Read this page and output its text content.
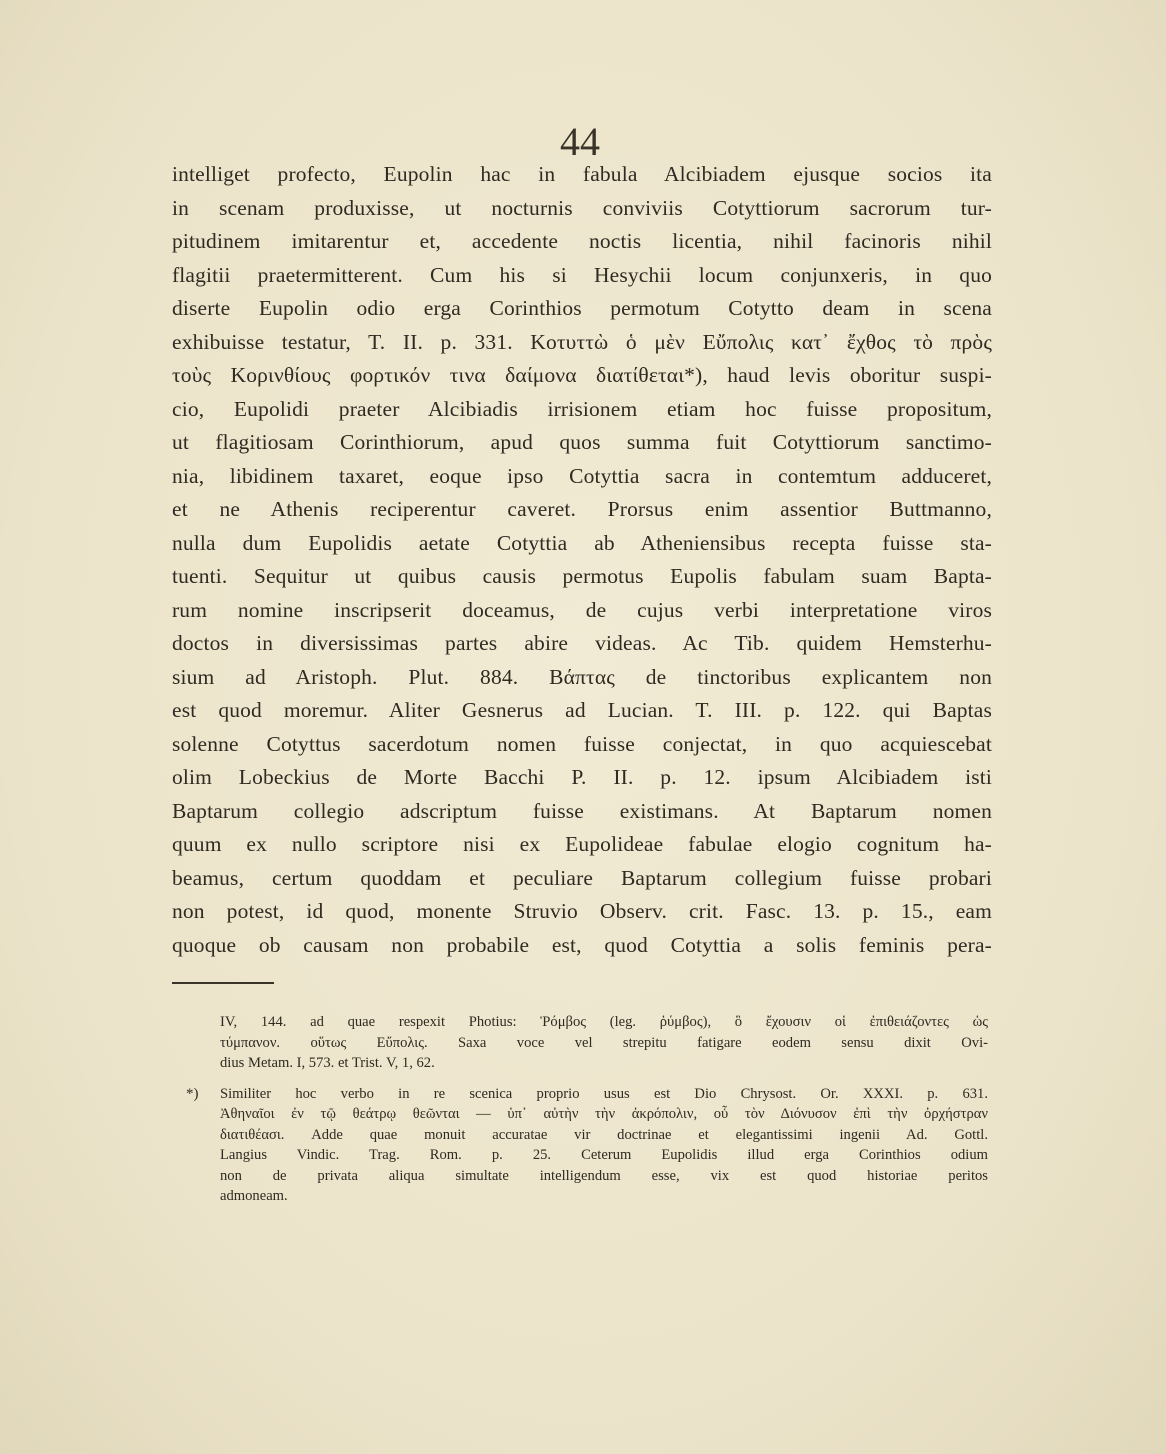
44
intelliget profecto, Eupolin hac in fabula Alcibiadem ejusque socios ita
in scenam produxisse, ut nocturnis conviviis Cotyttiorum sacrorum tur-
pitudinem imitarentur et, accedente noctis licentia, nihil facinoris nihil
flagitii praetermitterent. Cum his si Hesychii locum conjunxeris, in quo
diserte Eupolin odio erga Corinthios permotum Cotytto deam in scena
exhibuisse testatur, T. II. p. 331. Κοτυττὼ ὁ μὲν Εὔπολις κατ᾽ ἔχθος τὸ πρὸς
τοὺς Κορινθίους φορτικόν τινα δαίμονα διατίθεται*), haud levis oboritur suspi-
cio, Eupolidi praeter Alcibiadis irrisionem etiam hoc fuisse propositum,
ut flagitiosam Corinthiorum, apud quos summa fuit Cotyttiorum sanctimo-
nia, libidinem taxaret, eoque ipso Cotyttia sacra in contemtum adduceret,
et ne Athenis reciperentur caveret. Prorsus enim assentior Buttmanno,
nulla dum Eupolidis aetate Cotyttia ab Atheniensibus recepta fuisse sta-
tuenti. Sequitur ut quibus causis permotus Eupolis fabulam suam Bapta-
rum nomine inscripserit doceamus, de cujus verbi interpretatione viros
doctos in diversissimas partes abire videas. Ac Tib. quidem Hemsterhu-
sium ad Aristoph. Plut. 884. Βάπτας de tinctoribus explicantem non
est quod moremur. Aliter Gesnerus ad Lucian. T. III. p. 122. qui Baptas
solenne Cotyttus sacerdotum nomen fuisse conjectat, in quo acquiescebat
olim Lobeckius de Morte Bacchi P. II. p. 12. ipsum Alcibiadem isti
Baptarum collegio adscriptum fuisse existimans. At Baptarum nomen
quum ex nullo scriptore nisi ex Eupolideae fabulae elogio cognitum ha-
beamus, certum quoddam et peculiare Baptarum collegium fuisse probari
non potest, id quod, monente Struvio Observ. crit. Fasc. 13. p. 15., eam
quoque ob causam non probabile est, quod Cotyttia a solis feminis pera-
IV, 144. ad quae respexit Photius: Ῥόμβος (leg. ῥύμβος), ὃ ἔχουσιν οἱ ἐπιθειάζοντες ὡς
τύμπανον. οὕτως Εὔπολις. Saxa voce vel strepitu fatigare eodem sensu dixit Ovi-
dius Metam. I, 573. et Trist. V, 1, 62.
*)	Similiter hoc verbo in re scenica proprio usus est Dio Chrysost. Or. XXXI. p. 631.
Ἀθηναῖοι ἐν τῷ θεάτρῳ θεῶνται — ὑπ᾽ αὐτὴν τὴν ἀκρόπολιν, οὗ τὸν Διόνυσον ἐπὶ τὴν ὀρχήστραν
διατιθέασι. Adde quae monuit accuratae vir doctrinae et elegantissimi ingenii Ad. Gottl.
Langius Vindic. Trag. Rom. p. 25. Ceterum Eupolidis illud erga Corinthios odium
non de privata aliqua simultate intelligendum esse, vix est quod historiae peritos
admoneam.
